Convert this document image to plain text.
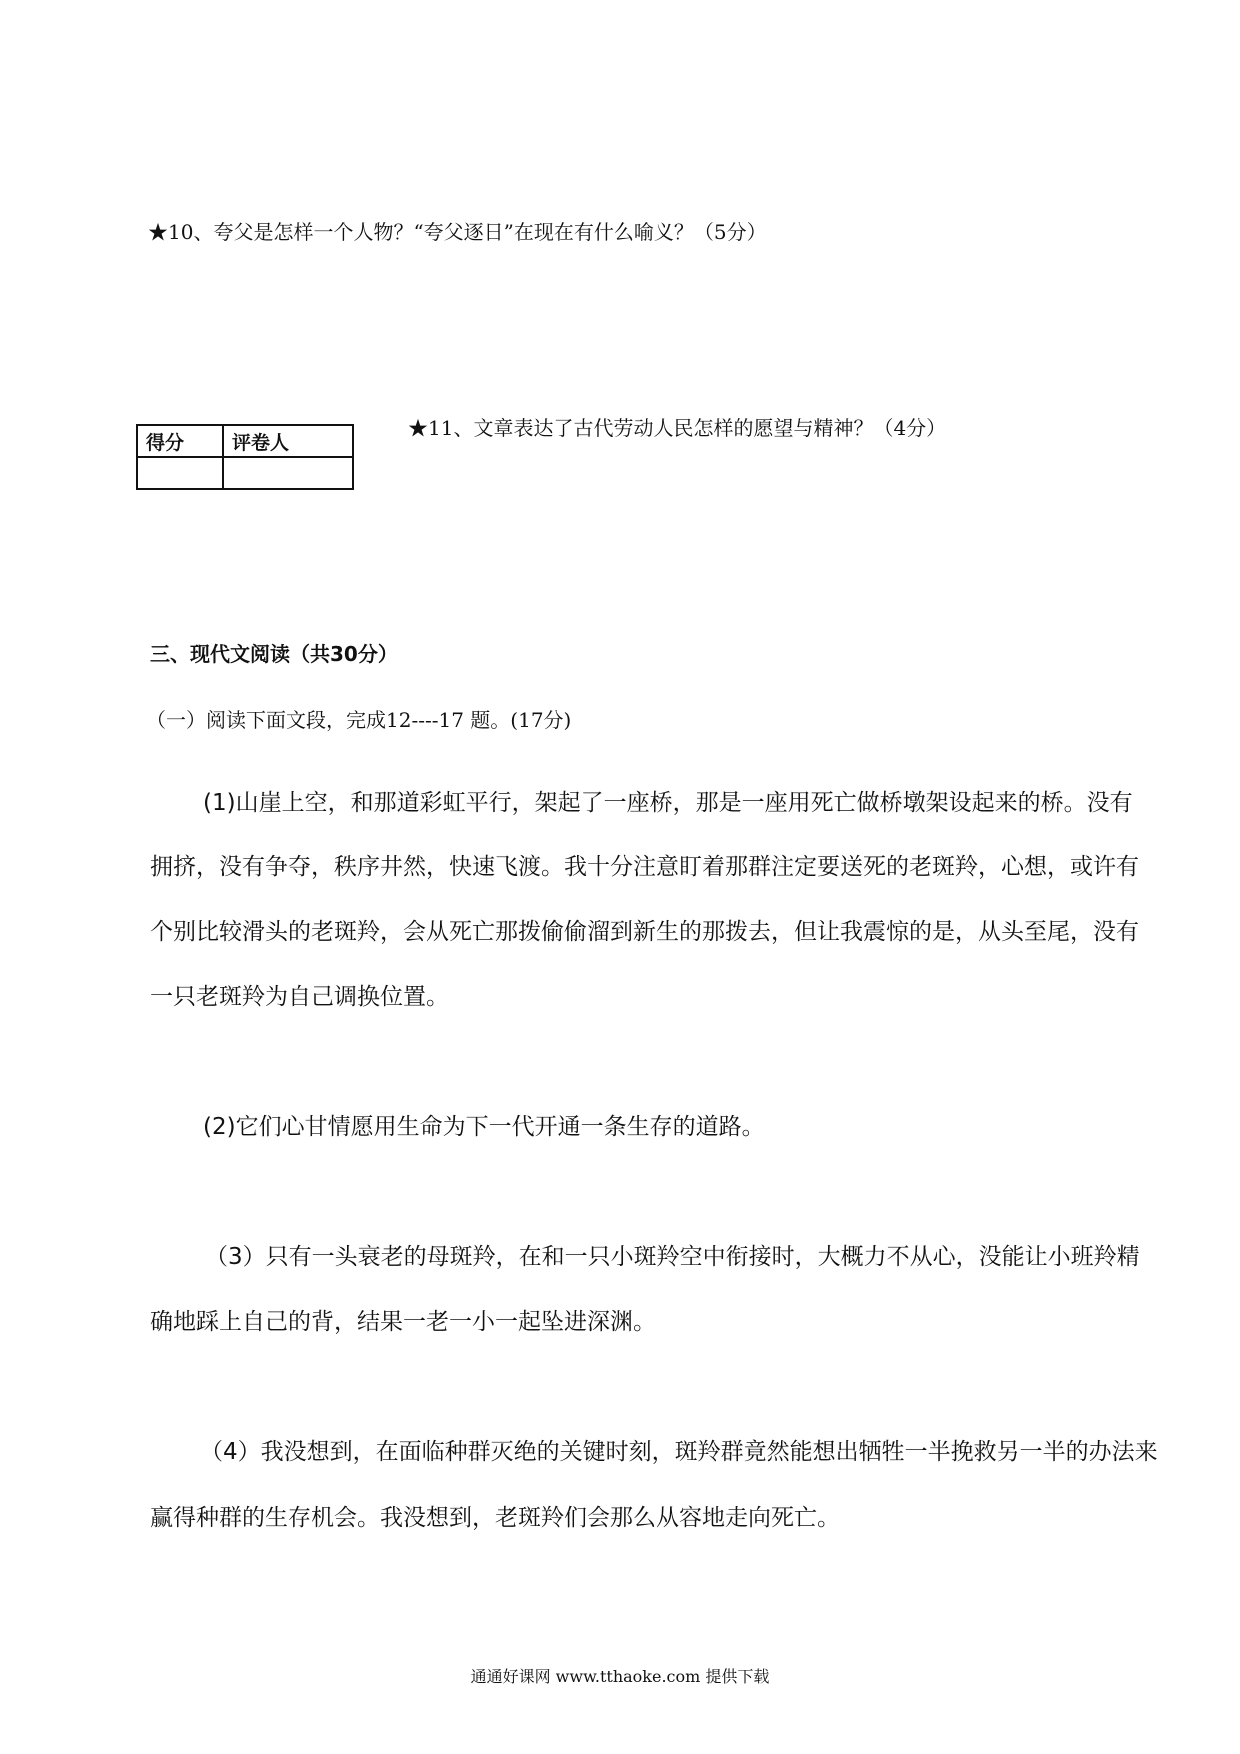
★10、夸父是怎样一个人物？“夸父逐日”在现在有什么喻义？（5分）
得分	评卷人

★11、文章表达了古代劳动人民怎样的愿望与精神？（4分）
三、现代文阅读（共30分）
（一）阅读下面文段，完成12----17 题。(17分)
(1)山崖上空，和那道彩虹平行，架起了一座桥，那是一座用死亡做桥墩架设起来的桥。没有
拥挤，没有争夺，秩序井然，快速飞渡。我十分注意盯着那群注定要送死的老斑羚，心想，或许有
个别比较滑头的老斑羚，会从死亡那拨偷偷溜到新生的那拨去，但让我震惊的是，从头至尾，没有
一只老斑羚为自己调换位置。
(2)它们心甘情愿用生命为下一代开通一条生存的道路。
（3）只有一头衰老的母斑羚，在和一只小斑羚空中衔接时，大概力不从心，没能让小班羚精
确地踩上自己的背，结果一老一小一起坠进深渊。
（4）我没想到，在面临种群灭绝的关键时刻，斑羚群竟然能想出牺牲一半挽救另一半的办法来
赢得种群的生存机会。我没想到，老斑羚们会那么从容地走向死亡。
通通好课网 www.tthaoke.com 提供下载
